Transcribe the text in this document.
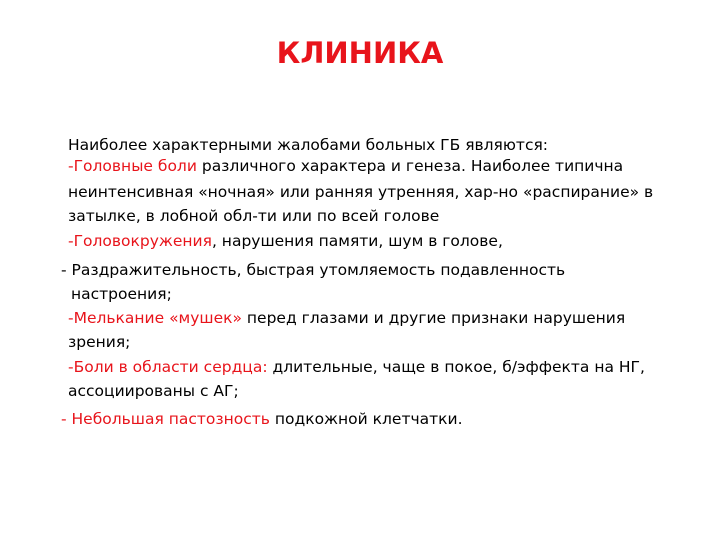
КЛИНИКА
Наиболее характерными жалобами больных ГБ являются:
-Головные боли различного характера и генеза. Наиболее типична
неинтенсивная «ночная» или ранняя утренняя, хар-но «распирание» в
затылке, в лобной обл-ти или по всей голове
-Головокружения, нарушения памяти, шум в голове,
- Раздражительность, быстрая утомляемость подавленность
настроения;
-Мелькание «мушек» перед глазами и другие признаки нарушения
зрения;
-Боли в области сердца: длительные, чаще в покое, б/эффекта на НГ,
ассоциированы с АГ;
- Небольшая пастозность подкожной клетчатки.
